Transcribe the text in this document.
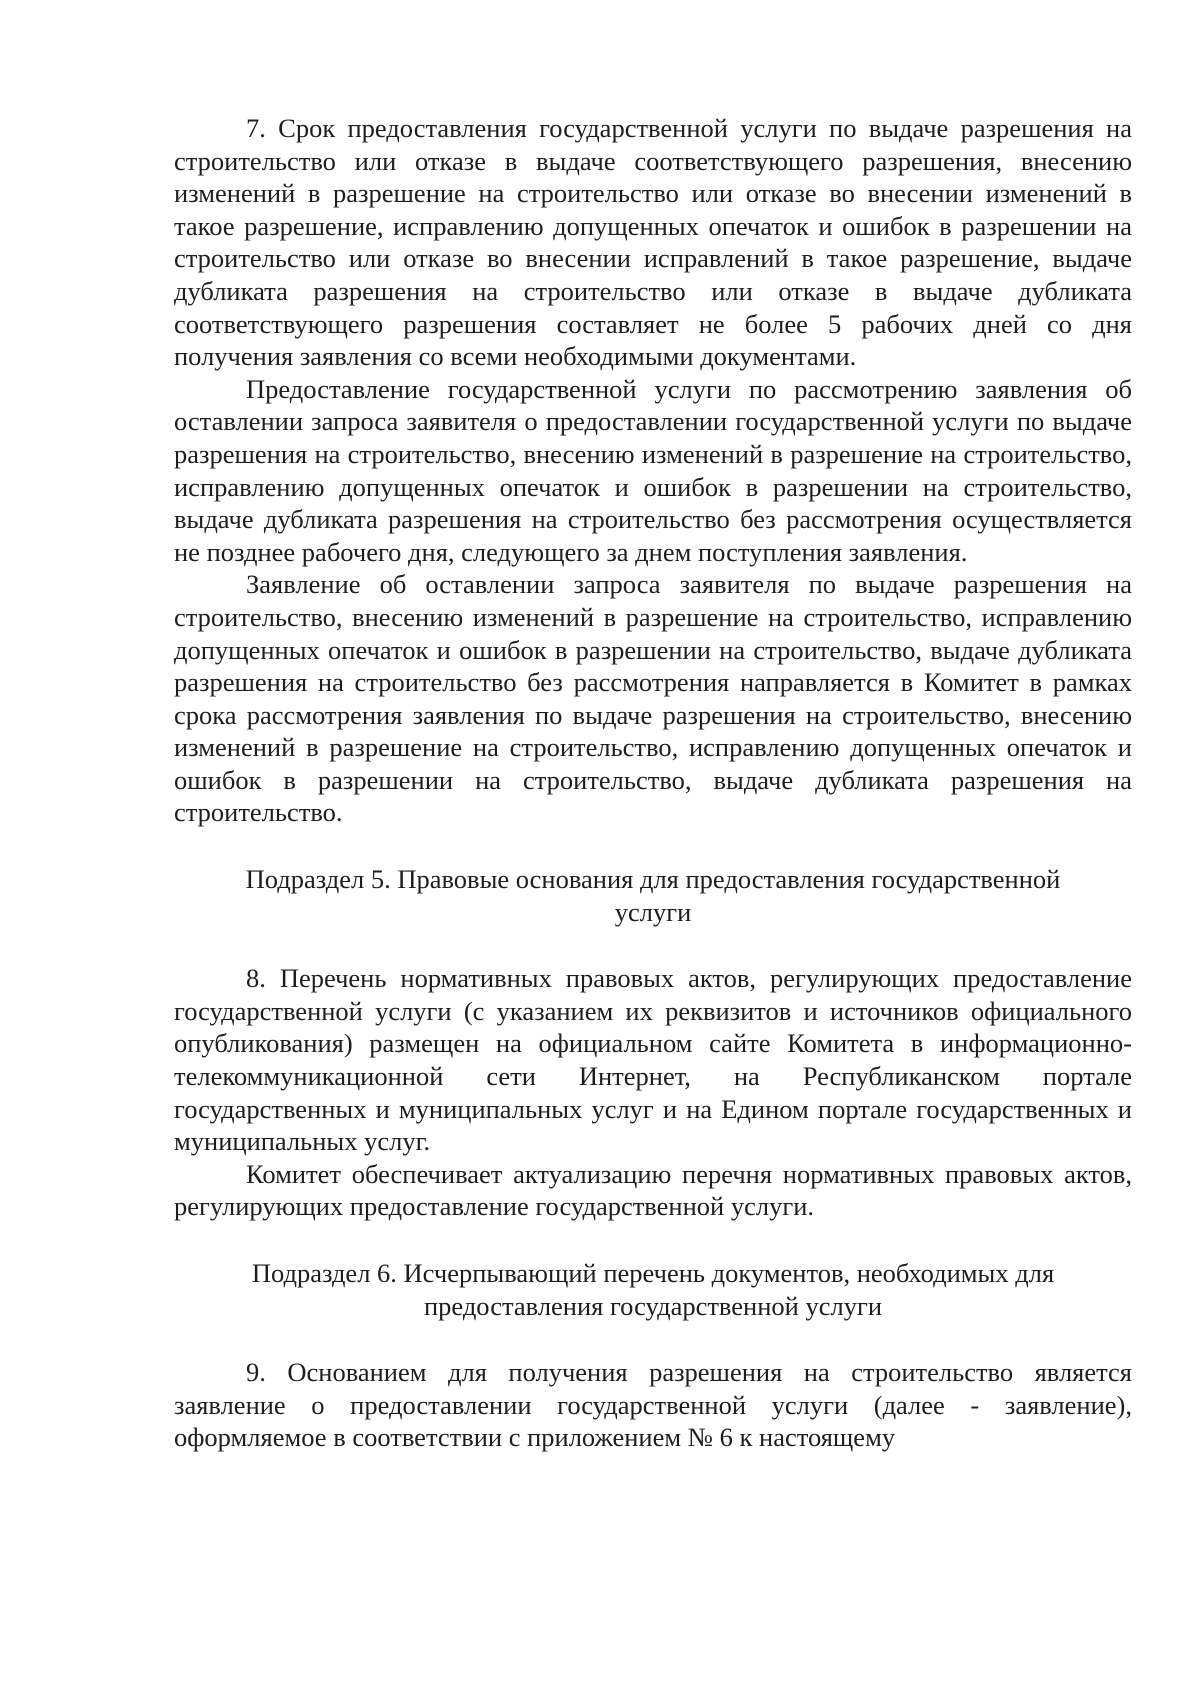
7. Срок предоставления государственной услуги по выдаче разрешения на строительство или отказе в выдаче соответствующего разрешения, внесению изменений в разрешение на строительство или отказе во внесении изменений в такое разрешение, исправлению допущенных опечаток и ошибок в разрешении на строительство или отказе во внесении исправлений в такое разрешение, выдаче дубликата разрешения на строительство или отказе в выдаче дубликата соответствующего разрешения составляет не более 5 рабочих дней со дня получения заявления со всеми необходимыми документами.

Предоставление государственной услуги по рассмотрению заявления об оставлении запроса заявителя о предоставлении государственной услуги по выдаче разрешения на строительство, внесению изменений в разрешение на строительство, исправлению допущенных опечаток и ошибок в разрешении на строительство, выдаче дубликата разрешения на строительство без рассмотрения осуществляется не позднее рабочего дня, следующего за днем поступления заявления.

Заявление об оставлении запроса заявителя по выдаче разрешения на строительство, внесению изменений в разрешение на строительство, исправлению допущенных опечаток и ошибок в разрешении на строительство, выдаче дубликата разрешения на строительство без рассмотрения направляется в Комитет в рамках срока рассмотрения заявления по выдаче разрешения на строительство, внесению изменений в разрешение на строительство, исправлению допущенных опечаток и ошибок в разрешении на строительство, выдаче дубликата разрешения на строительство.

Подраздел 5. Правовые основания для предоставления государственной
услуги

8. Перечень нормативных правовых актов, регулирующих предоставление государственной услуги (с указанием их реквизитов и источников официального опубликования) размещен на официальном сайте Комитета в информационно-телекоммуникационной сети Интернет, на Республиканском портале государственных и муниципальных услуг и на Едином портале государственных и муниципальных услуг.

Комитет обеспечивает актуализацию перечня нормативных правовых актов, регулирующих предоставление государственной услуги.

Подраздел 6. Исчерпывающий перечень документов, необходимых для
предоставления государственной услуги

9. Основанием для получения разрешения на строительство является заявление о предоставлении государственной услуги (далее - заявление), оформляемое в соответствии с приложением № 6 к настоящему
